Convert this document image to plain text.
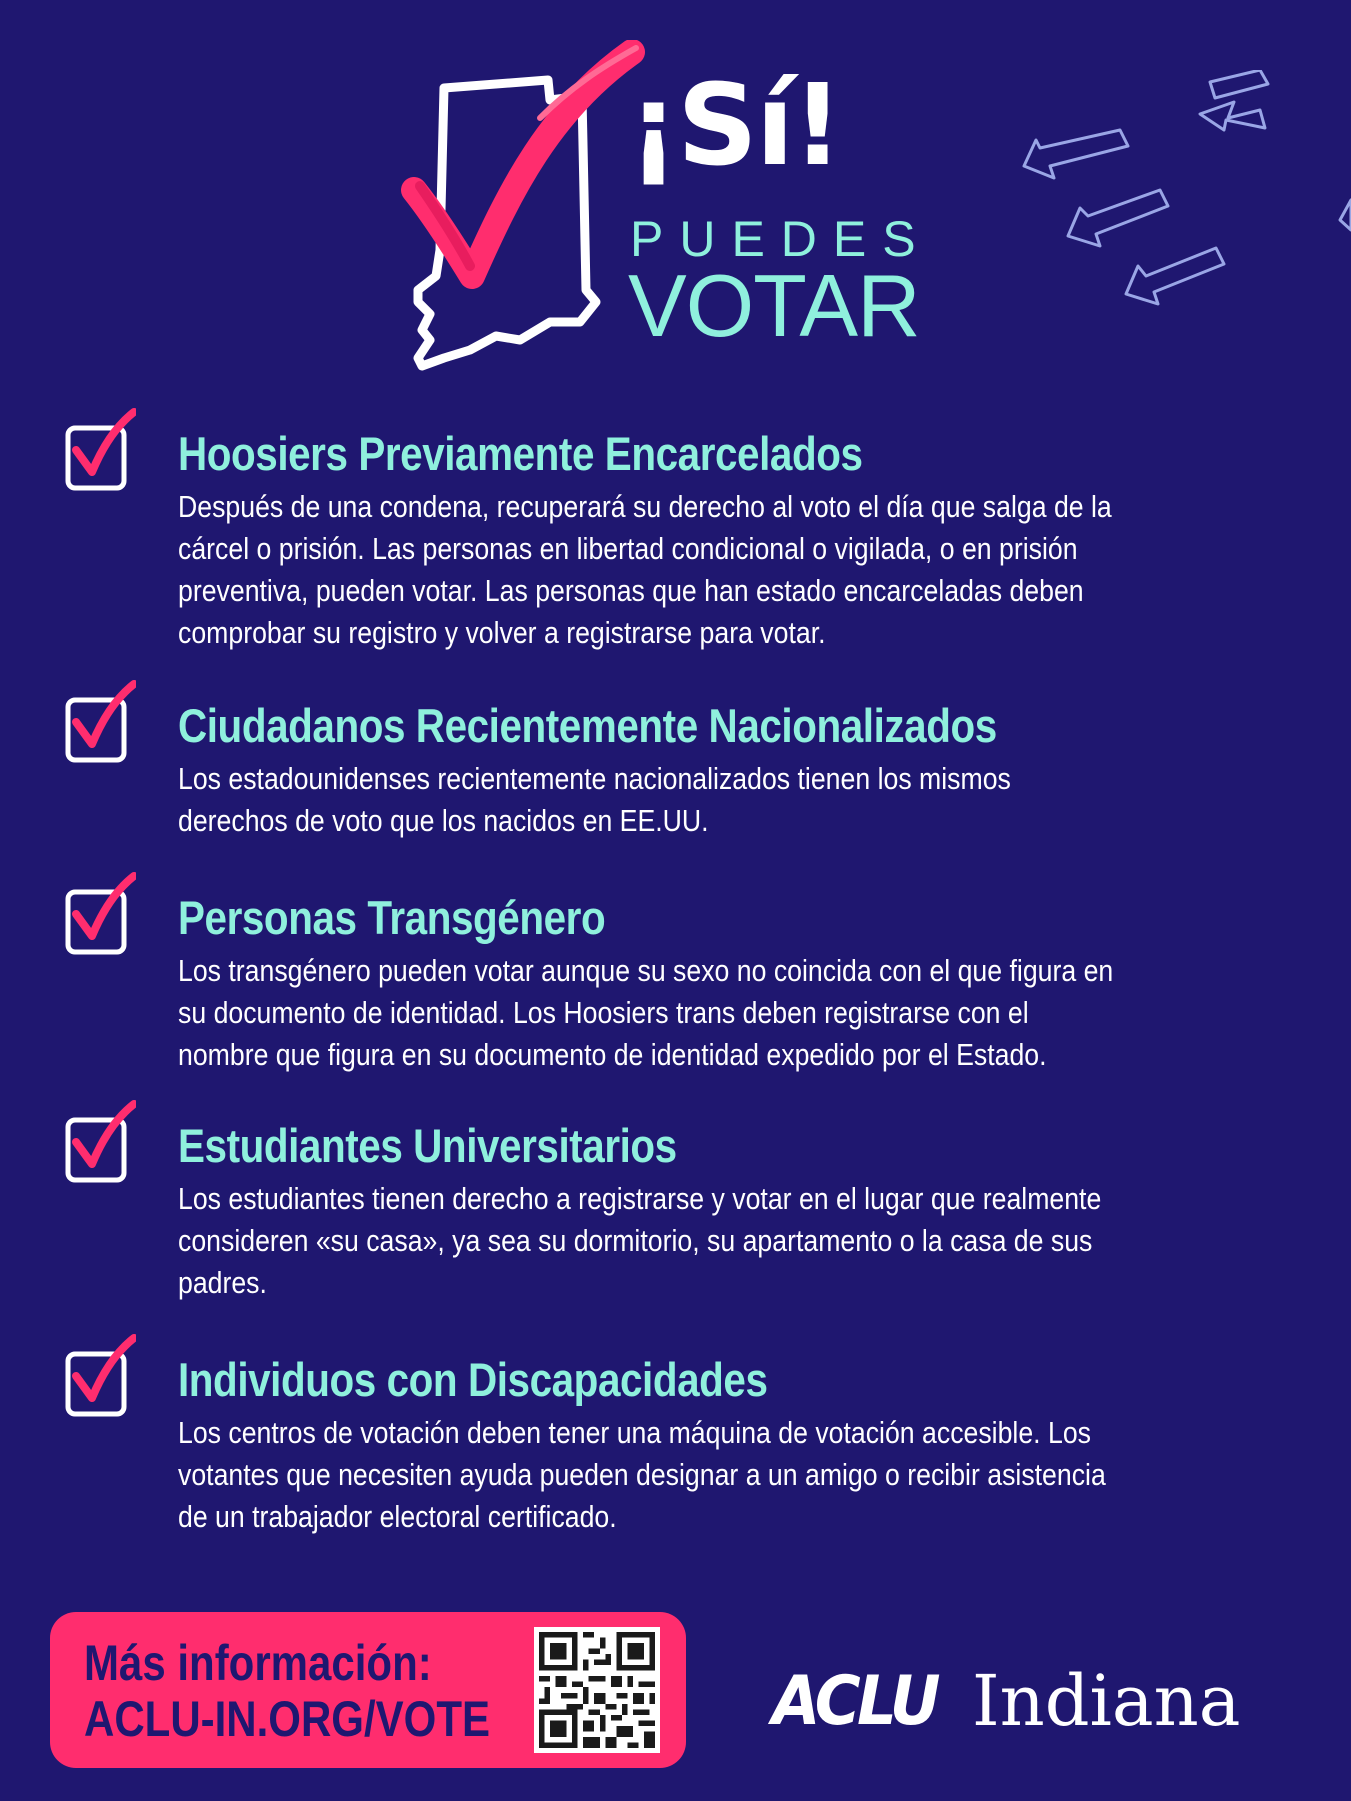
¡Sí!
PUEDES
VOTAR
Hoosiers Previamente Encarcelados
Después de una condena, recuperará su derecho al voto el día que salga de la
cárcel o prisión. Las personas en libertad condicional o vigilada, o en prisión
preventiva, pueden votar. Las personas que han estado encarceladas deben
comprobar su registro y volver a registrarse para votar.
Ciudadanos Recientemente Nacionalizados
Los estadounidenses recientemente nacionalizados tienen los mismos
derechos de voto que los nacidos en EE.UU.
Personas Transgénero
Los transgénero pueden votar aunque su sexo no coincida con el que figura en
su documento de identidad. Los Hoosiers trans deben registrarse con el
nombre que figura en su documento de identidad expedido por el Estado.
Estudiantes Universitarios
Los estudiantes tienen derecho a registrarse y votar en el lugar que realmente
consideren «su casa», ya sea su dormitorio, su apartamento o la casa de sus
padres.
Individuos con Discapacidades
Los centros de votación deben tener una máquina de votación accesible. Los
votantes que necesiten ayuda pueden designar a un amigo o recibir asistencia
de un trabajador electoral certificado.
Más información:
ACLU-IN.ORG/VOTE	ACLU Indiana
